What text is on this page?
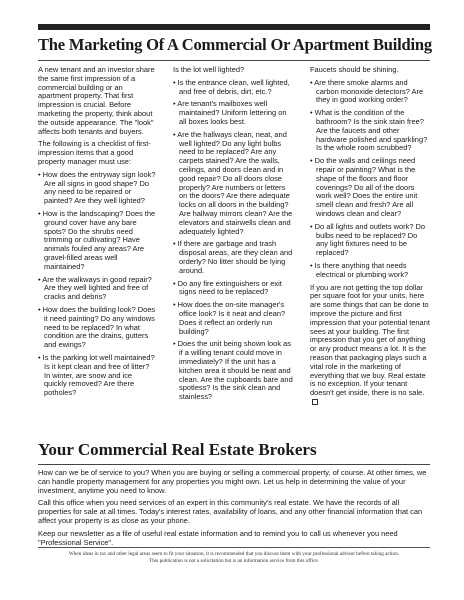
The Marketing Of A Commercial Or Apartment Building

A new tenant and an investor share the same first impression of a commercial building or an apartment property. That first impression is crucial. Before marketing the property, think about the outside appearance. The "look" affects both tenants and buyers.

The following is a checklist of first-impression items that a good property manager must use:

• How does the entryway sign look? Are all signs in good shape? Do any need to be repaired or painted? Are they well lighted?

• How is the landscaping? Does the ground cover have any bare spots? Do the shrubs need trimming or cultivating? Have animals fouled any areas? Are gravel-filled areas well maintained?

• Are the walkways in good repair? Are they well lighted and free of cracks and debris?

• How does the building look? Does it need painting? Do any windows need to be replaced? In what condition are the drains, gutters and ewings?

• Is the parking lot well maintained? Is it kept clean and free of litter? In winter, are snow and ice quickly removed? Are there potholes?

Is the lot well lighted?

• Is the entrance clean, well lighted, and free of debris, dirt, etc.?

• Are tenant's mailboxes well maintained? Uniform lettering on all boxes looks best.

• Are the hallways clean, neat, and well lighted? Do any light bulbs need to be replaced? Are any carpets stained? Are the walls, ceilings, and doors clean and in good repair? Do all doors close properly? Are numbers or letters on the doors? Are there adequate locks on all doors in the building? Are hallway mirrors clean? Are the elevators and stairwells clean and adequately lighted?

• If there are garbage and trash disposal areas, are they clean and orderly? No litter should be lying around.

• Do any fire extinguishers or exit signs need to be replaced?

• How does the on-site manager's office look? Is it neat and clean? Does it reflect an orderly run building?

• Does the unit being shown look as if a willing tenant could move in immediately? If the unit has a kitchen area it should be neat and clean. Are the cupboards bare and spotless? Is the sink clean and stainless?

Faucets should be shining.

• Are there smoke alarms and carbon monoxide detectors? Are they in good working order?

• What is the condition of the bathroom? Is the sink stain free? Are the faucets and other hardware polished and sparkling? Is the whole room scrubbed?

• Do the walls and ceilings need repair or painting? What is the shape of the floors and floor coverings? Do all of the doors work well? Does the entire unit smell clean and fresh? Are all windows clean and clear?

• Do all lights and outlets work? Do bulbs need to be replaced? Do any light fixtures need to be replaced?

• Is there anything that needs electrical or plumbing work?

If you are not getting the top dollar per square foot for your units, here are some things that can be done to improve the picture and first impression that your potential tenant sees at your building. The first impression that you get of anything or any product means a lot. It is the reason that packaging plays such a vital role in the marketing of everything that we buy. Real estate is no exception. If your tenant doesn't get inside, there is no sale.

Your Commercial Real Estate Brokers

How can we be of service to you? When you are buying or selling a commercial property, of course. At other times, we can handle property management for any properties you might own. Let us help in determining the value of your investment, anytime you need to know.

Call this office when you need services of an expert in this community's real estate. We have the records of all properties for sale at all times. Today's interest rates, availability of loans, and any other financial information that can affect your property is as close as your phone.

Keep our newsletter as a file of useful real estate information and to remind you to call us whenever you need "Professional Service".

When ideas in tax and other legal areas seem to fit your situation, it is recommended that you discuss them with your professional advisor before taking action.

This publication is not a solicitation but is an information service from this office.
